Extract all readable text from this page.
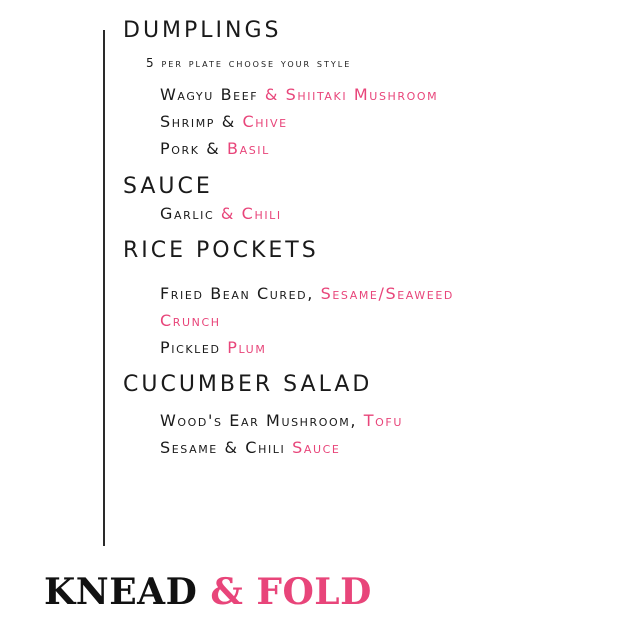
DUMPLINGS
5 per plate choose your style
Wagyu Beef & Shiitaki Mushroom
Shrimp & Chive
Pork & Basil
SAUCE
Garlic & Chili
RICE POCKETS
Fried Bean Cured, Sesame/Seaweed
Crunch
Pickled Plum
CUCUMBER SALAD
Wood's Ear Mushroom, Tofu
Sesame & Chili Sauce
KNEAD & FOLD
